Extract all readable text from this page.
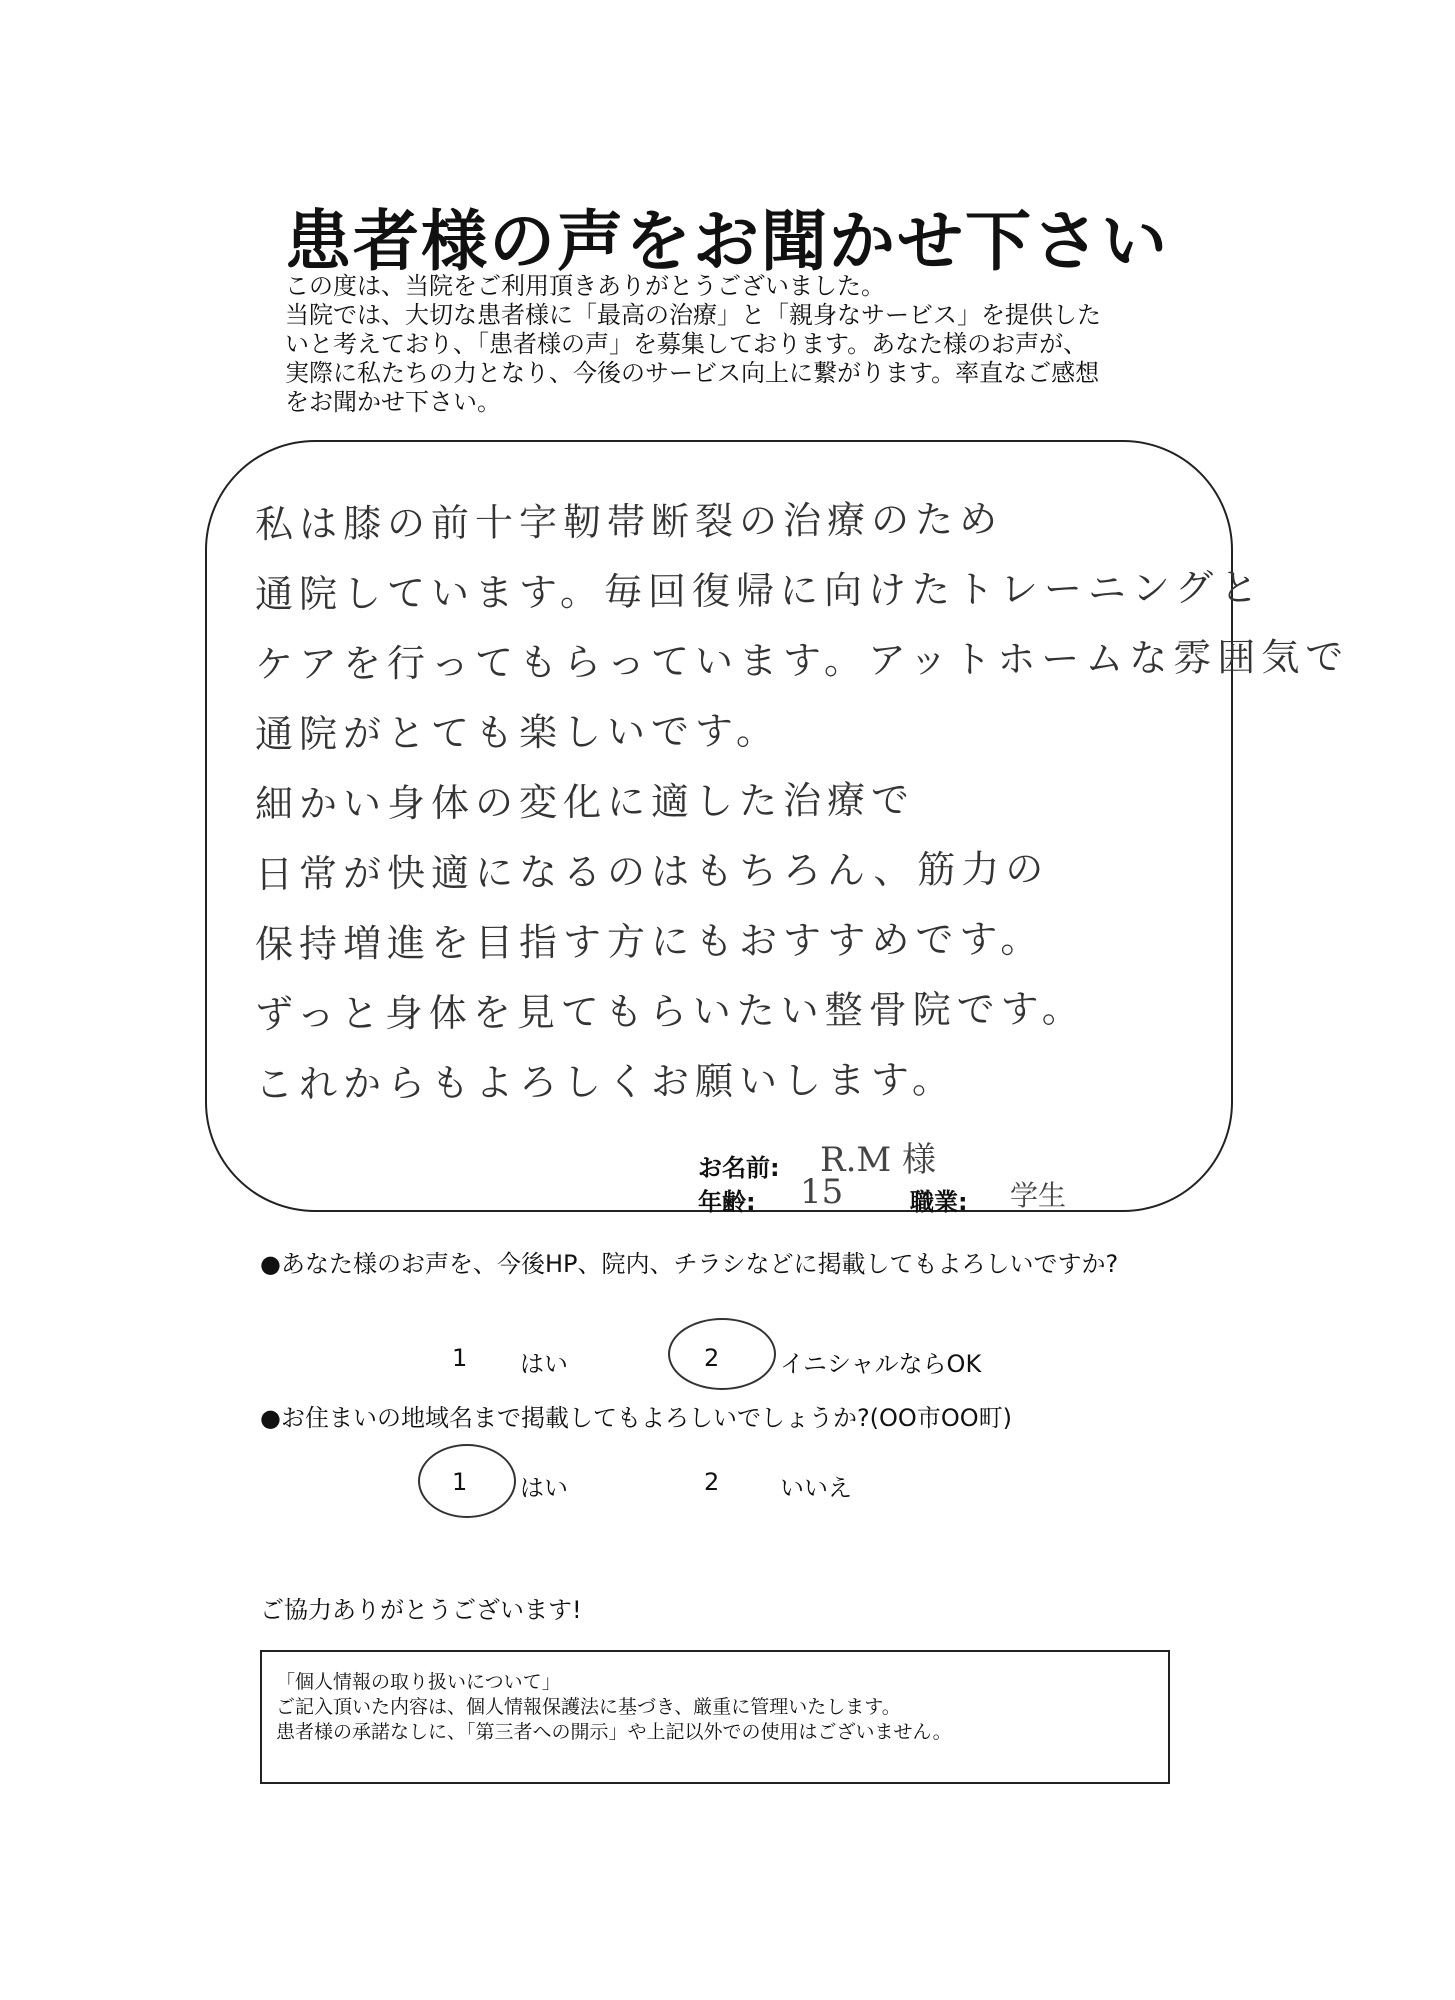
患者様の声をお聞かせ下さい

この度は、当院をご利用頂きありがとうございました。

当院では、大切な患者様に「最高の治療」と「親身なサービス」を提供した

いと考えており、「患者様の声」を募集しております。あなた様のお声が、

実際に私たちの力となり、今後のサービス向上に繋がります。率直なご感想

をお聞かせ下さい。

私は膝の前十字靭帯断裂の治療のため
通院しています。毎回復帰に向けたトレーニングと
ケアを行ってもらっています。アットホームな雰囲気で
通院がとても楽しいです。
細かい身体の変化に適した治療で
日常が快適になるのはもちろん、筋力の
保持増進を目指す方にもおすすめです。
ずっと身体を見てもらいたい整骨院です。
これからもよろしくお願いします。
お名前: R.M 様
年齢: 15	職業: 学生

●あなた様のお声を、今後HP、院内、チラシなどに掲載してもよろしいですか?

1 はい	2	イニシャルならOK

●お住まいの地域名まで掲載してもよろしいでしょうか?(OO市OO町)

1 はい	2	いいえ

ご協力ありがとうございます!

「個人情報の取り扱いについて」

ご記入頂いた内容は、個人情報保護法に基づき、厳重に管理いたします。

患者様の承諾なしに、「第三者への開示」や上記以外での使用はございません。
